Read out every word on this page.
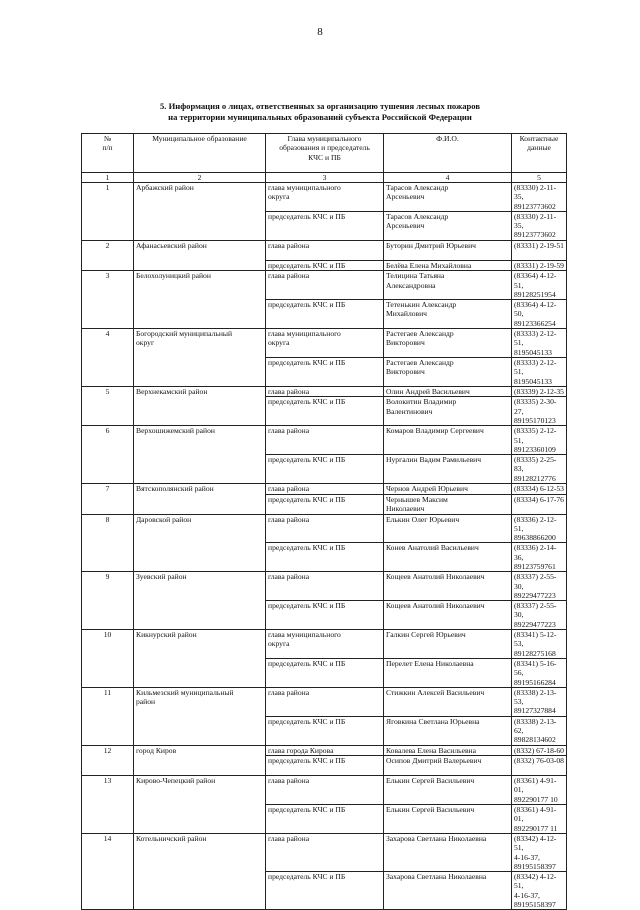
8
5. Информация о лицах, ответственных за организацию тушения лесных пожаров
на территории муниципальных образований субъекта Российской Федерации
№
п/п	Муниципальное образование	Глава муниципального
образования и председатель
КЧС и ПБ	Ф.И.О.	Контактные
данные
1	2	3	4	5
1	Арбажский район	глава муниципального
округа	Тарасов Александр
Арсеньевич	(83330) 2-11-35,
89123773602
		председатель КЧС и ПБ	Тарасов Александр
Арсеньевич	(83330) 2-11-35,
89123773602
2	Афанасьевский район	глава района	Буторин Дмитрий Юрьевич	(83331) 2-19-51
		председатель КЧС и ПБ	Белёва Елена Михайловна	(83331) 2-19-59
3	Белохолуницкий район	глава района	Телицина Татьяна
Александровна	(83364) 4-12-51,
89128251954
		председатель КЧС и ПБ	Тетенькин Александр
Михайлович	(83364) 4-12-50,
89123366254
4	Богородский муниципальный
округ	глава муниципального
округа	Растегаев Александр
Викторович	(83333) 2-12-51,
8195045133
		председатель КЧС и ПБ	Растегаев Александр
Викторович	(83333) 2-12-51,
8195045133
5	Верхнекамский район	глава района	Олин Андрей Васильевич	(83339) 2-12-35
		председатель КЧС и ПБ	Волокитин Владимир
Валентинович	(83335) 2-30-27,
89195170123
6	Верхошижемский район	глава района	Комаров Владимир Сергеевич	(83335) 2-12-51,
89123360109
		председатель КЧС и ПБ	Нургалин Вадим Рамильевич	(83335) 2-25-83,
89128212776
7	Вятскополянский район	глава района	Чернов Андрей Юрьевич	(83334) 6-12-53
		председатель КЧС и ПБ	Чернышев Максим
Николаевич	(83334) 6-17-76
8	Даровской район	глава района	Елькин Олег Юрьевич	(83336) 2-12-51,
89638866200
		председатель КЧС и ПБ	Конев Анатолий Васильевич	(83336) 2-14-36,
89123759761
9	Зуевский район	глава района	Кощеев Анатолий Николаевич	(83337) 2-55-30,
89229477223
		председатель КЧС и ПБ	Кощеев Анатолий Николаевич	(83337) 2-55-30,
89229477223
10	Кикнурский район	глава муниципального
округа	Галкин Сергей Юрьевич	(83341) 5-12-53,
89128275168
		председатель КЧС и ПБ	Перелет Елена Николаевна	(83341) 5-16-56,
89195166284
11	Кильмезский муниципальный
район	глава района	Стижкин Алексей Васильевич	(83338) 2-13-53,
89127327884
		председатель КЧС и ПБ	Яговкина Светлана Юрьевна	(83338) 2-13-62,
89828134602
12	город Киров	глава города Кирова	Ковалева Елена Васильевна	(8332) 67-18-60
		председатель КЧС и ПБ	Осипов Дмитрий Валерьевич	(8332) 76-03-08
13	Кирово-Чепецкий район	глава района	Елькин Сергей Васильевич	(83361) 4-91-01,
892290177 10
		председатель КЧС и ПБ	Елькин Сергей Васильевич	(83361) 4-91-01,
892290177 11
14	Котельничский район	глава района	Захарова Светлана Николаевна	(83342) 4-12-51,
4-16-37,
89195158397
		председатель КЧС и ПБ	Захарова Светлана Николаевна	(83342) 4-12-51,
4-16-37,
89195158397
